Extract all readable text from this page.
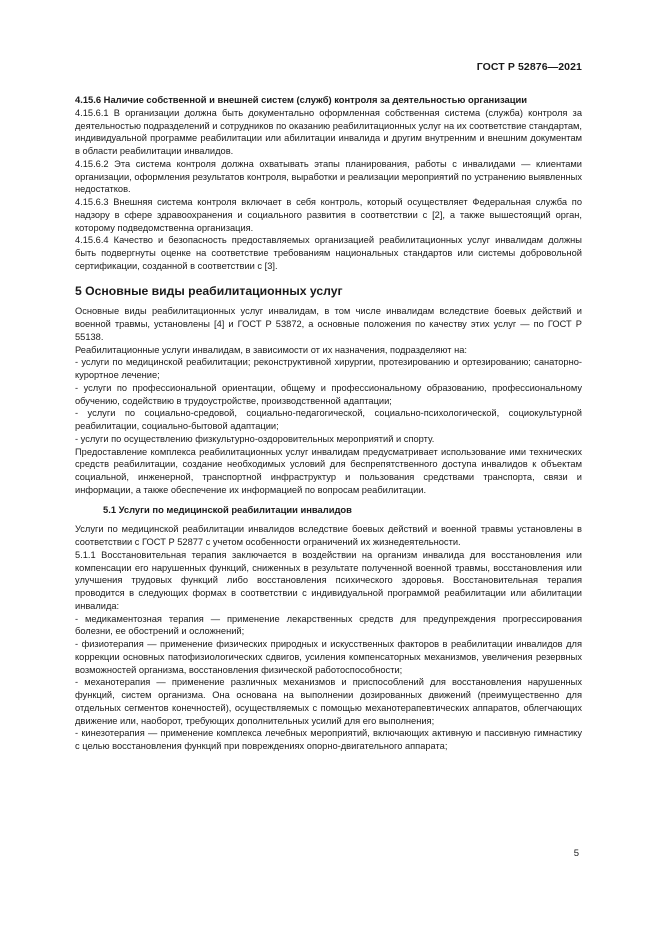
ГОСТ Р 52876—2021

4.15.6 Наличие собственной и внешней систем (служб) контроля за деятельностью организации

4.15.6.1 В организации должна быть документально оформленная собственная система (служба) контроля за деятельностью подразделений и сотрудников по оказанию реабилитационных услуг на их соответствие стандартам, индивидуальной программе реабилитации или абилитации инвалида и другим внутренним и внешним документам в области реабилитации инвалидов.

4.15.6.2 Эта система контроля должна охватывать этапы планирования, работы с инвалидами — клиентами организации, оформления результатов контроля, выработки и реализации мероприятий по устранению выявленных недостатков.

4.15.6.3 Внешняя система контроля включает в себя контроль, который осуществляет Федеральная служба по надзору в сфере здравоохранения и социального развития в соответствии с [2], а также вышестоящий орган, которому подведомственна организация.

4.15.6.4 Качество и безопасность предоставляемых организацией реабилитационных услуг инвалидам должны быть подвергнуты оценке на соответствие требованиям национальных стандартов или системы добровольной сертификации, созданной в соответствии с [3].

5 Основные виды реабилитационных услуг

Основные виды реабилитационных услуг инвалидам, в том числе инвалидам вследствие боевых действий и военной травмы, установлены [4] и ГОСТ Р 53872, а основные положения по качеству этих услуг — по ГОСТ Р 55138.

Реабилитационные услуги инвалидам, в зависимости от их назначения, подразделяют на:

- услуги по медицинской реабилитации; реконструктивной хирургии, протезированию и ортезированию; санаторно-курортное лечение;

- услуги по профессиональной ориентации, общему и профессиональному образованию, профессиональному обучению, содействию в трудоустройстве, производственной адаптации;

- услуги по социально-средовой, социально-педагогической, социально-психологической, социокультурной реабилитации, социально-бытовой адаптации;

- услуги по осуществлению физкультурно-оздоровительных мероприятий и спорту.

Предоставление комплекса реабилитационных услуг инвалидам предусматривает использование ими технических средств реабилитации, создание необходимых условий для беспрепятственного доступа инвалидов к объектам социальной, инженерной, транспортной инфраструктур и пользования средствами транспорта, связи и информации, а также обеспечение их информацией по вопросам реабилитации.

5.1 Услуги по медицинской реабилитации инвалидов

Услуги по медицинской реабилитации инвалидов вследствие боевых действий и военной травмы установлены в соответствии с ГОСТ Р 52877 с учетом особенности ограничений их жизнедеятельности.

5.1.1 Восстановительная терапия заключается в воздействии на организм инвалида для восстановления или компенсации его нарушенных функций, сниженных в результате полученной военной травмы, восстановления или улучшения трудовых функций либо восстановления психического здоровья. Восстановительная терапия проводится в следующих формах в соответствии с индивидуальной программой реабилитации или абилитации инвалида:

- медикаментозная терапия — применение лекарственных средств для предупреждения прогрессирования болезни, ее обострений и осложнений;

- физиотерапия — применение физических природных и искусственных факторов в реабилитации инвалидов для коррекции основных патофизиологических сдвигов, усиления компенсаторных механизмов, увеличения резервных возможностей организма, восстановления физической работоспособности;

- механотерапия — применение различных механизмов и приспособлений для восстановления нарушенных функций, систем организма. Она основана на выполнении дозированных движений (преимущественно для отдельных сегментов конечностей), осуществляемых с помощью механотерапевтических аппаратов, облегчающих движение или, наоборот, требующих дополнительных усилий для его выполнения;

- кинезотерапия — применение комплекса лечебных мероприятий, включающих активную и пассивную гимнастику с целью восстановления функций при повреждениях опорно-двигательного аппарата;

5
